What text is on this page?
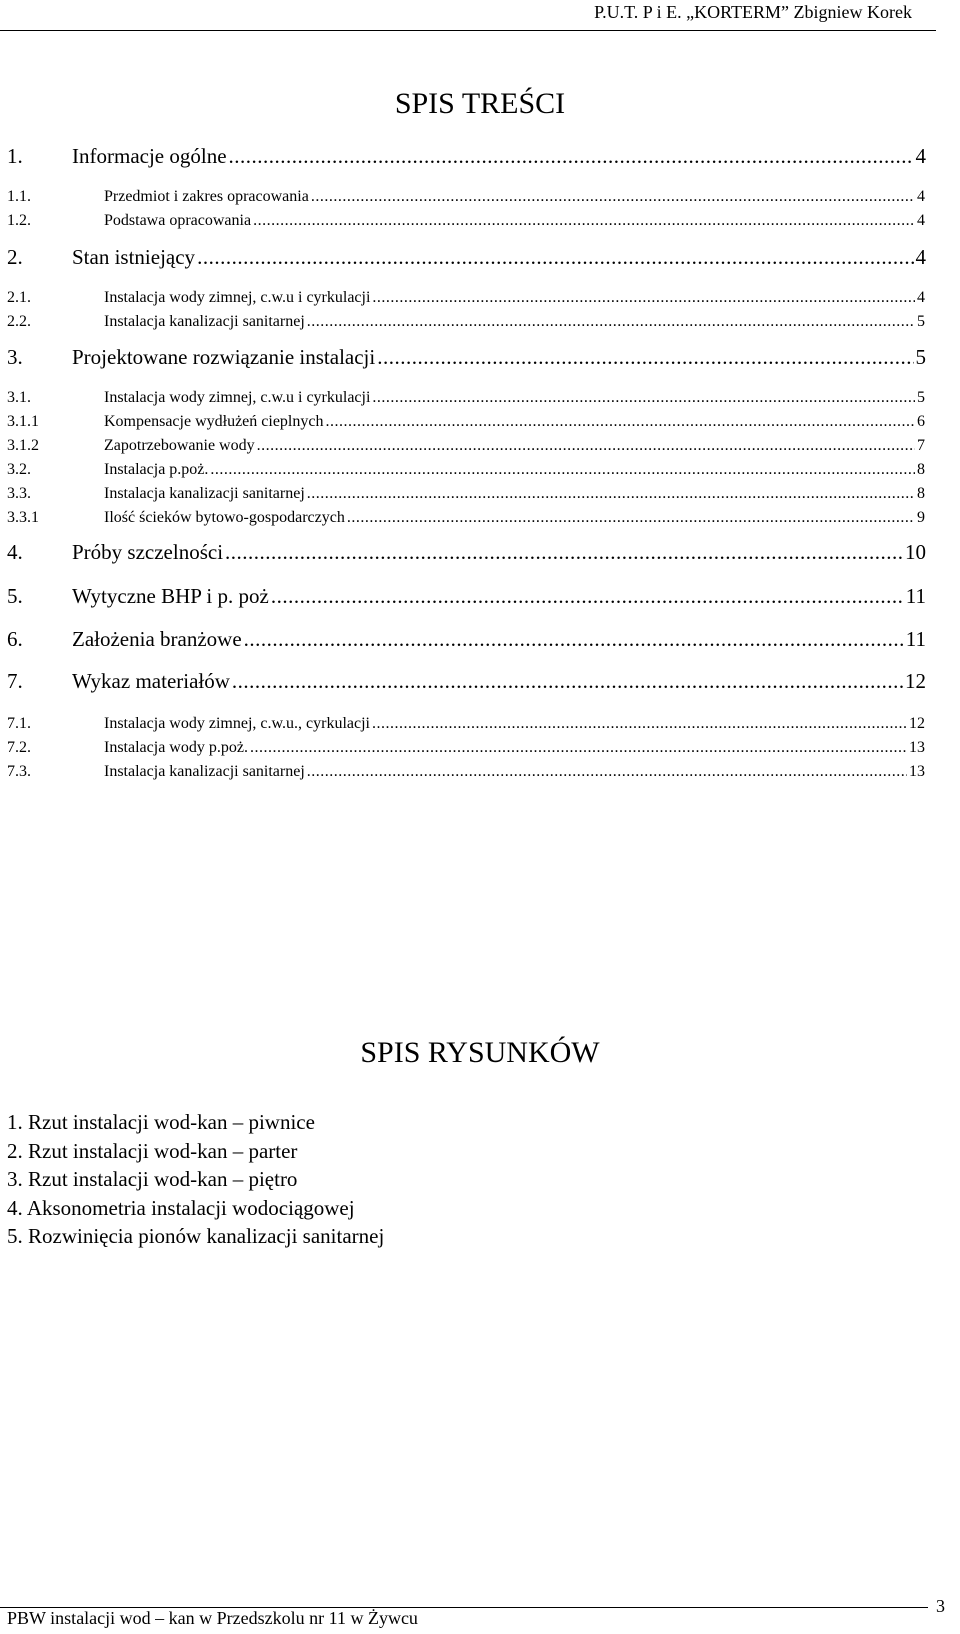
P.U.T. P i E. „KORTERM” Zbigniew Korek
SPIS TREŚCI
1.	Informacje ogólne .....	4
1.1.	Przedmiot i zakres opracowania .....	4
1.2.	Podstawa opracowania .....	4
2.	Stan istniejący .....	4
2.1.	Instalacja wody zimnej, c.w.u i cyrkulacji .....	4
2.2.	Instalacja kanalizacji sanitarnej .....	5
3.	Projektowane rozwiązanie instalacji .....	5
3.1.	Instalacja wody zimnej, c.w.u i cyrkulacji .....	5
3.1.1	Kompensacje wydłużeń cieplnych .....	6
3.1.2	Zapotrzebowanie wody .....	7
3.2.	Instalacja p.poż. .....	8
3.3.	Instalacja kanalizacji sanitarnej .....	8
3.3.1	Ilość ścieków bytowo-gospodarczych .....	9
4.	Próby szczelności .....	10
5.	Wytyczne BHP i p. poż .....	11
6.	Założenia branżowe .....	11
7.	Wykaz materiałów .....	12
7.1.	Instalacja wody zimnej, c.w.u., cyrkulacji .....	12
7.2.	Instalacja wody p.poż. .....	13
7.3.	Instalacja kanalizacji sanitarnej .....	13
SPIS RYSUNKÓW
1. Rzut instalacji wod-kan – piwnice
2. Rzut instalacji wod-kan – parter
3. Rzut instalacji wod-kan – piętro
4. Aksonometria instalacji wodociągowej
5. Rozwinięcia pionów kanalizacji sanitarnej
PBW instalacji wod – kan w Przedszkolu nr 11 w Żywcu
3
